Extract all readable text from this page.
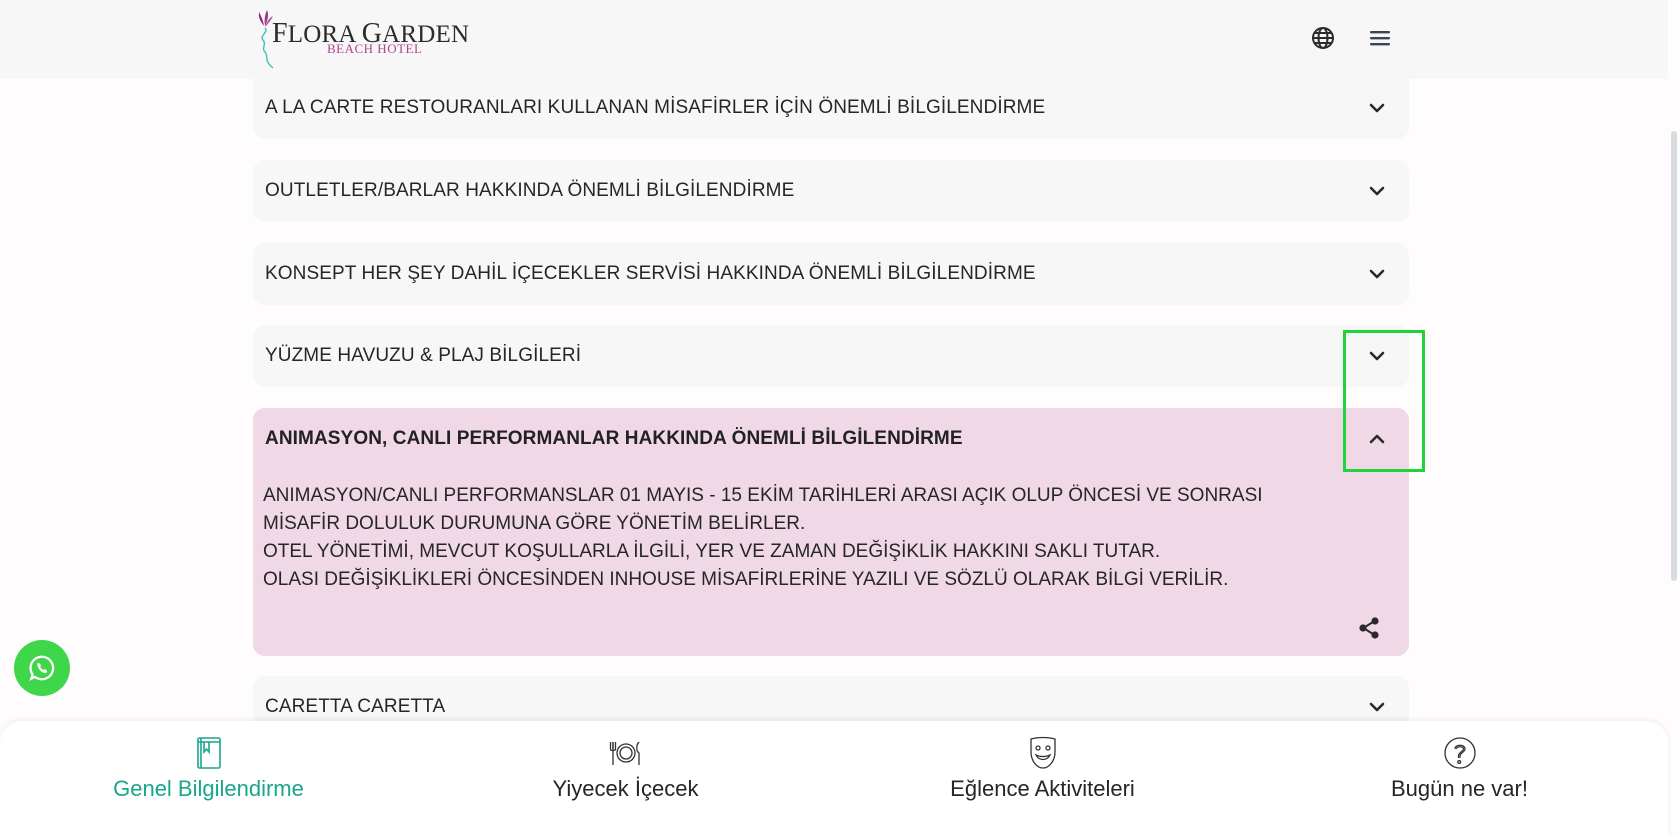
FLORA GARDEN
BEACH HOTEL
A LA CARTE RESTOURANLARI KULLANAN MİSAFİRLER İÇİN ÖNEMLİ BİLGİLENDİRME
OUTLETLER/BARLAR HAKKINDA ÖNEMLİ BİLGİLENDİRME
KONSEPT HER ŞEY DAHİL İÇECEKLER SERVİSİ HAKKINDA ÖNEMLİ BİLGİLENDİRME
YÜZME HAVUZU & PLAJ BİLGİLERİ
ANIMASYON, CANLI PERFORMANLAR HAKKINDA ÖNEMLİ BİLGİLENDİRME
ANIMASYON/CANLI PERFORMANSLAR 01 MAYIS - 15 EKİM TARİHLERİ ARASI AÇIK OLUP ÖNCESİ VE SONRASI
MİSAFİR DOLULUK DURUMUNA GÖRE YÖNETİM BELİRLER.
OTEL YÖNETİMİ, MEVCUT KOŞULLARLA İLGİLİ, YER VE ZAMAN DEĞİŞİKLİK HAKKINI SAKLI TUTAR.
OLASI DEĞİŞİKLİKLERİ ÖNCESİNDEN INHOUSE MİSAFİRLERİNE YAZILI VE SÖZLÜ OLARAK BİLGİ VERİLİR.
CARETTA CARETTA
Genel Bilgilendirme	Yiyecek İçecek	Eğlence Aktiviteleri	Bugün ne var!
